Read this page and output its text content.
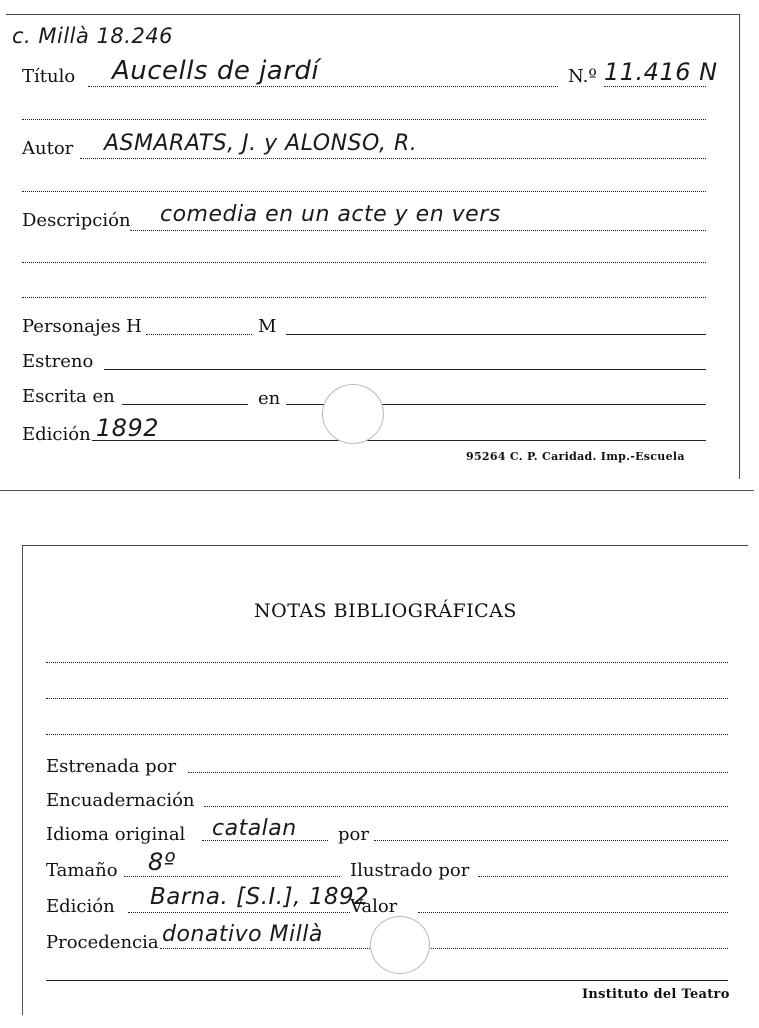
c. Millà 18.246
Título Aucells de jardí	N.º 11.416 N
Autor ASMARATS, J. y ALONSO, R.
Descripción comedia en un acte y en vers
Personajes H	M
Estreno
Escrita en	en
Edición 1892
95264 C. P. Caridad. Imp.-Escuela
NOTAS BIBLIOGRÁFICAS
Estrenada por
Encuadernación
Idioma original catalan por
Tamaño 8º	Ilustrado por
Edición Barna. [S.I.], 1892
Valor
Procedencia donativo Millà
Instituto del Teatro
